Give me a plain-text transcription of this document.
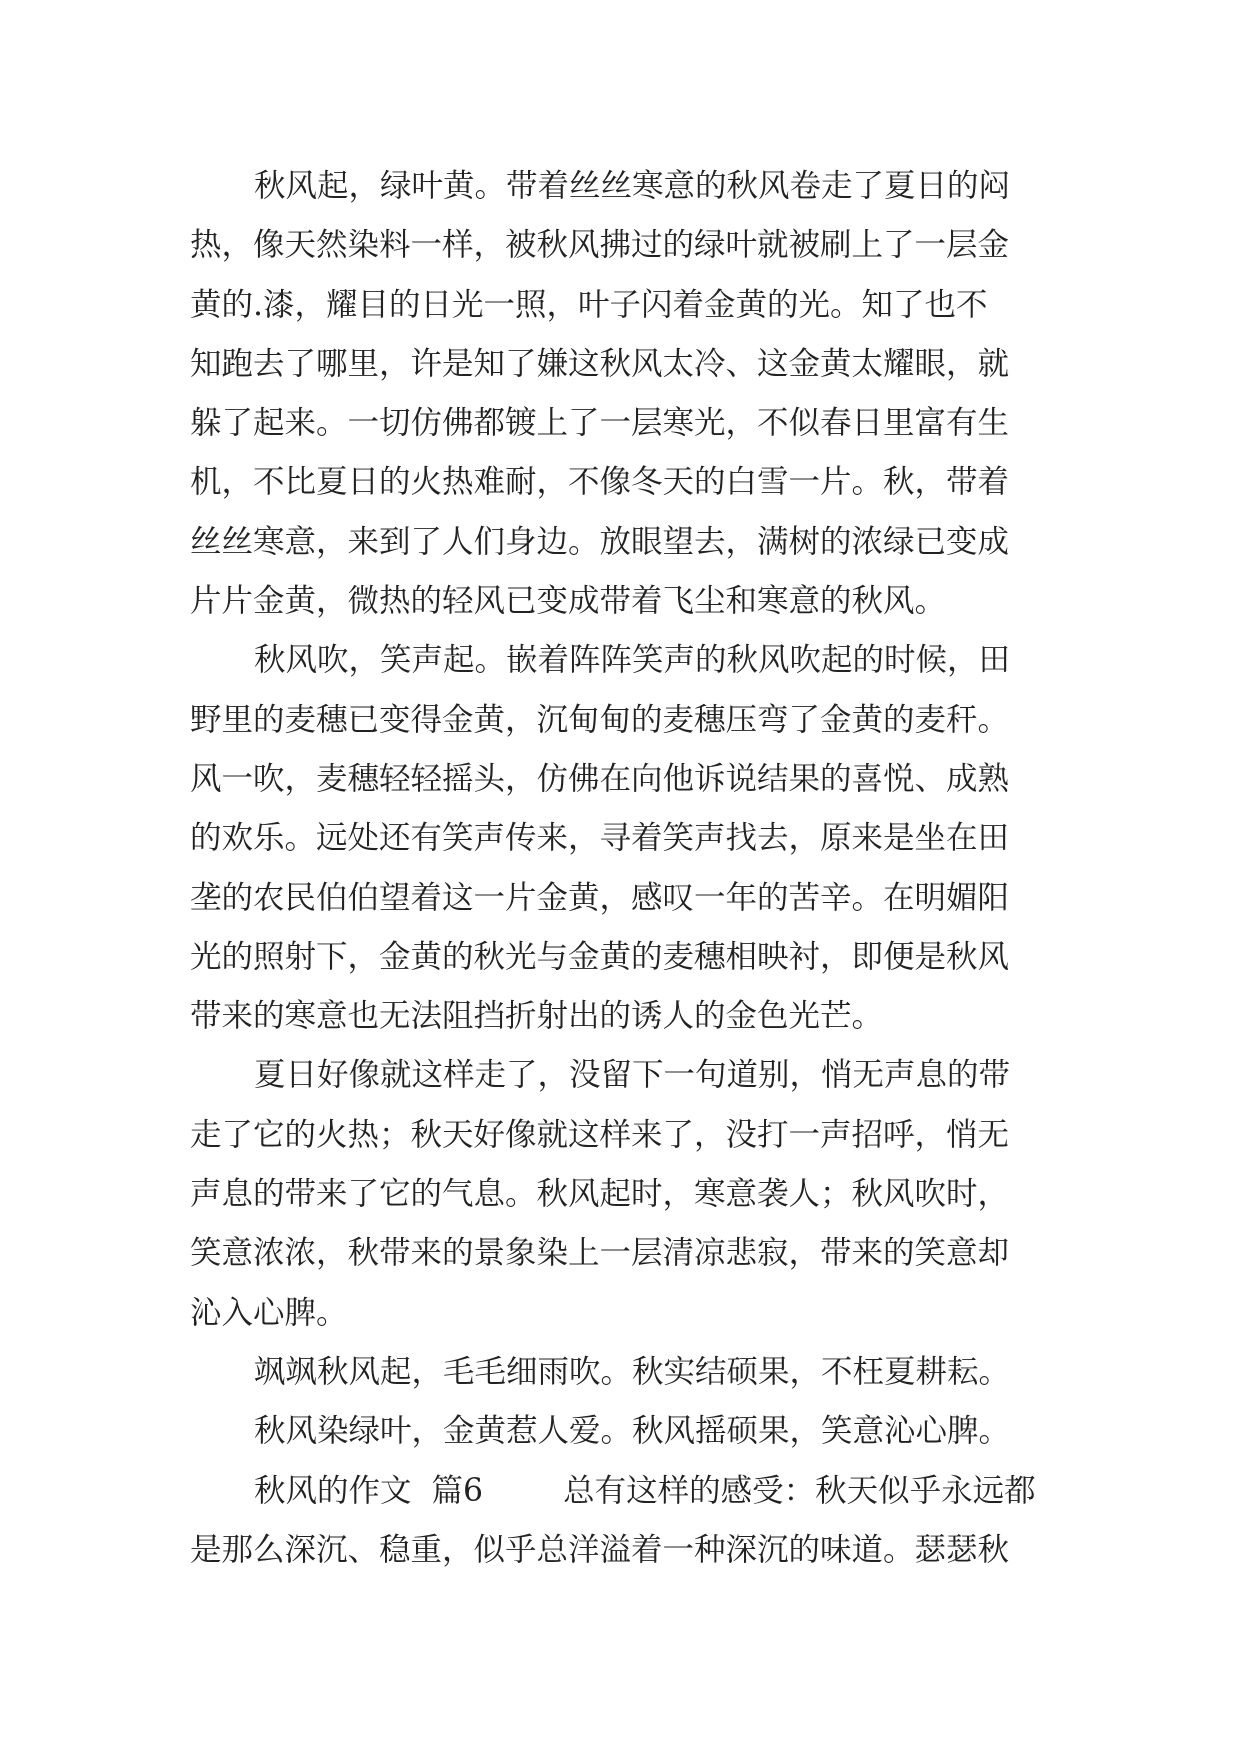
秋风起，绿叶黄。带着丝丝寒意的秋风卷走了夏日的闷
热，像天然染料一样，被秋风拂过的绿叶就被刷上了一层金
黄的.漆，耀目的日光一照，叶子闪着金黄的光。知了也不
知跑去了哪里，许是知了嫌这秋风太冷、这金黄太耀眼，就
躲了起来。一切仿佛都镀上了一层寒光，不似春日里富有生
机，不比夏日的火热难耐，不像冬天的白雪一片。秋，带着
丝丝寒意，来到了人们身边。放眼望去，满树的浓绿已变成
片片金黄，微热的轻风已变成带着飞尘和寒意的秋风。
秋风吹，笑声起。嵌着阵阵笑声的秋风吹起的时候，田
野里的麦穗已变得金黄，沉甸甸的麦穗压弯了金黄的麦秆。
风一吹，麦穗轻轻摇头，仿佛在向他诉说结果的喜悦、成熟
的欢乐。远处还有笑声传来，寻着笑声找去，原来是坐在田
垄的农民伯伯望着这一片金黄，感叹一年的苦辛。在明媚阳
光的照射下，金黄的秋光与金黄的麦穗相映衬，即便是秋风
带来的寒意也无法阻挡折射出的诱人的金色光芒。
夏日好像就这样走了，没留下一句道别，悄无声息的带
走了它的火热；秋天好像就这样来了，没打一声招呼，悄无
声息的带来了它的气息。秋风起时，寒意袭人；秋风吹时，
笑意浓浓，秋带来的景象染上一层清凉悲寂，带来的笑意却
沁入心脾。
飒飒秋风起，毛毛细雨吹。秋实结硕果，不枉夏耕耘。
秋风染绿叶，金黄惹人爱。秋风摇硕果，笑意沁心脾。
秋风的作文  篇6        总有这样的感受：秋天似乎永远都
是那么深沉、稳重，似乎总洋溢着一种深沉的味道。瑟瑟秋
